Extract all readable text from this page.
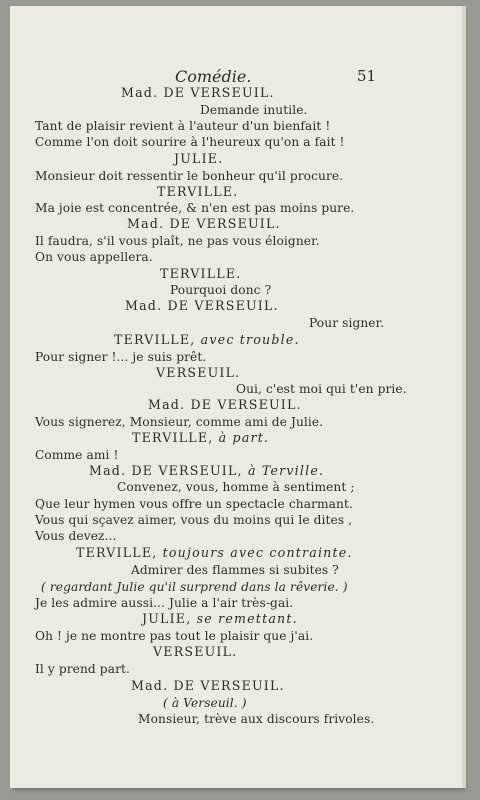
Comédie.	51
Mad. DE VERSEUIL.
Demande inutile.
Tant de plaisir revient à l'auteur d'un bienfait !
Comme l'on doit sourire à l'heureux qu'on a fait !
JULIE.
Monsieur doit ressentir le bonheur qu'il procure.
TERVILLE.
Ma joie est concentrée, & n'en est pas moins pure.
Mad. DE VERSEUIL.
Il faudra, s'il vous plaît, ne pas vous éloigner.
On vous appellera.
TERVILLE.
Pourquoi donc ?
Mad. DE VERSEUIL.
Pour signer.
TERVILLE, avec trouble.
Pour signer !... je suis prêt.
VERSEUIL.
Oui, c'est moi qui t'en prie.
Mad. DE VERSEUIL.
Vous signerez, Monsieur, comme ami de Julie.
TERVILLE, à part.
Comme ami !
Mad. DE VERSEUIL, à Terville.
Convenez, vous, homme à sentiment ;
Que leur hymen vous offre un spectacle charmant.
Vous qui sçavez aimer, vous du moins qui le dites ,
Vous devez...
TERVILLE, toujours avec contrainte.
Admirer des flammes si subites ?
( regardant Julie qu'il surprend dans la rêverie. )
Je les admire aussi... Julie a l'air très-gai.
JULIE, se remettant.
Oh ! je ne montre pas tout le plaisir que j'ai.
VERSEUIL.
Il y prend part.
Mad. DE VERSEUIL.
( à Verseuil. )
Monsieur, trève aux discours frivoles.
